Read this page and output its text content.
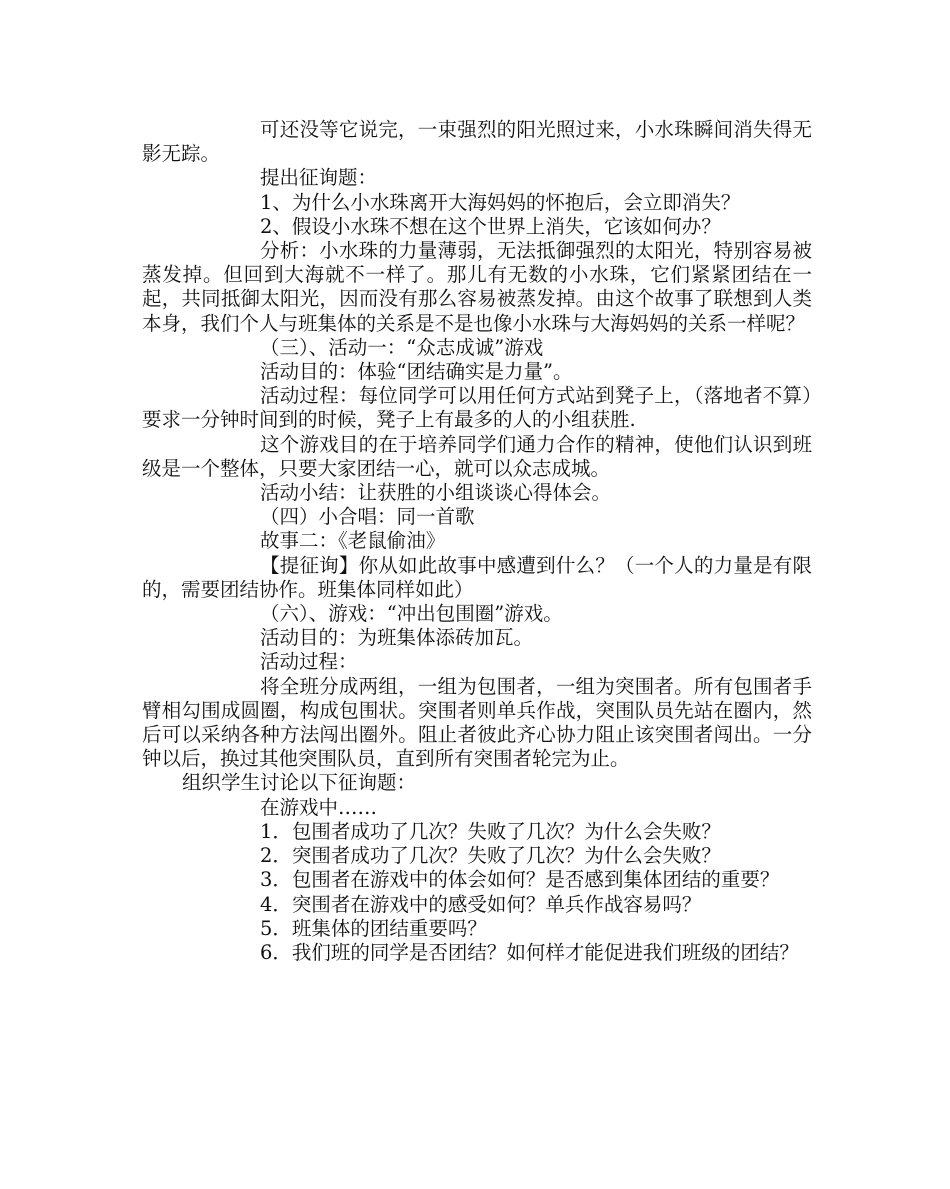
可还没等它说完，一束强烈的阳光照过来，小水珠瞬间消失得无影无踪。

提出征询题：

1、为什么小水珠离开大海妈妈的怀抱后，会立即消失？

2、假设小水珠不想在这个世界上消失，它该如何办？

分析：小水珠的力量薄弱，无法抵御强烈的太阳光，特别容易被蒸发掉。但回到大海就不一样了。那儿有无数的小水珠，它们紧紧团结在一起，共同抵御太阳光，因而没有那么容易被蒸发掉。由这个故事了联想到人类本身，我们个人与班集体的关系是不是也像小水珠与大海妈妈的关系一样呢？

（三）、活动一：“众志成诚”游戏

活动目的：体验“团结确实是力量”。

活动过程：每位同学可以用任何方式站到凳子上，（落地者不算）要求一分钟时间到的时候，凳子上有最多的人的小组获胜.

这个游戏目的在于培养同学们通力合作的精神，使他们认识到班级是一个整体，只要大家团结一心，就可以众志成城。

活动小结：让获胜的小组谈谈心得体会。

（四）小合唱：同一首歌

故事二：《老鼠偷油》

【提征询】你从如此故事中感遭到什么？（一个人的力量是有限的，需要团结协作。班集体同样如此）

（六）、游戏：“冲出包围圈”游戏。

活动目的：为班集体添砖加瓦。

活动过程：

将全班分成两组，一组为包围者，一组为突围者。所有包围者手臂相勾围成圆圈，构成包围状。突围者则单兵作战，突围队员先站在圈内，然后可以采纳各种方法闯出圈外。阻止者彼此齐心协力阻止该突围者闯出。一分钟以后，换过其他突围队员，直到所有突围者轮完为止。

组织学生讨论以下征询题：

在游戏中……

1．包围者成功了几次？失败了几次？为什么会失败？

2．突围者成功了几次？失败了几次？为什么会失败？

3．包围者在游戏中的体会如何？是否感到集体团结的重要？

4．突围者在游戏中的感受如何？单兵作战容易吗？

5．班集体的团结重要吗？

6．我们班的同学是否团结？如何样才能促进我们班级的团结？
